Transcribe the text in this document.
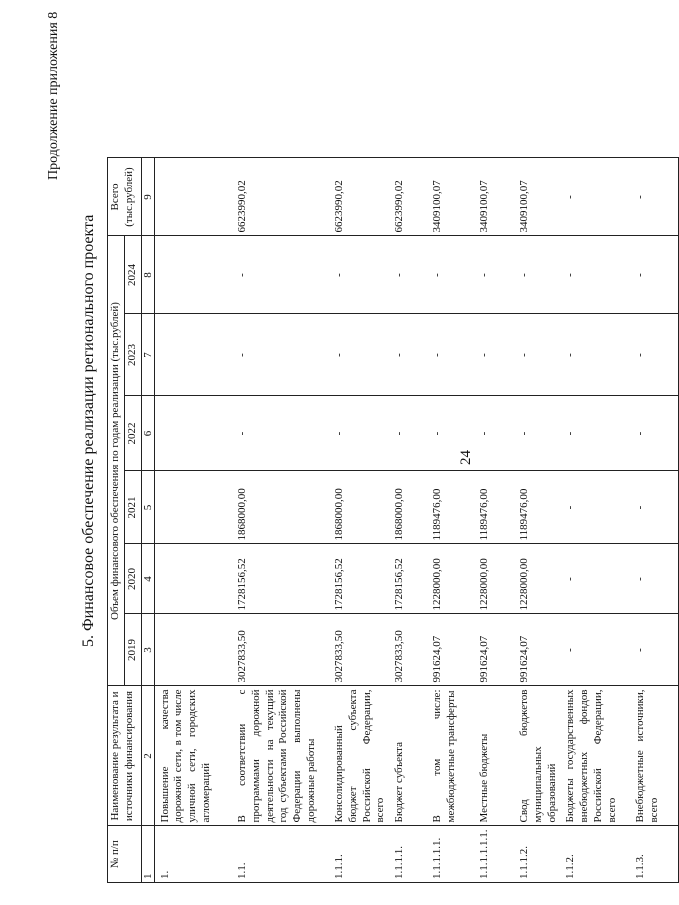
24
Продолжение приложения 8
5. Финансовое обеспечение реализации регионального проекта
№ п/п	Наименование результата и источники финансирования	Объем финансового обеспечения по годам реализации (тыс.рублей)						Всего (тыс.рублей)
		2019	2020	2021	2022	2023	2024	
1	2	3	4	5	6	7	8	9
1.	Повышение качества дорожной сети, в том числе уличной сети, городских агломераций							
1.1.	В соответствии с программами дорожной деятельности на текущий год субъектами Российской Федерации выполнены дорожные работы	3027833,50	1728156,52	1868000,00	-	-	-	6623990,02
1.1.1.	Консолидированный бюджет субъекта Российской Федерации, всего	3027833,50	1728156,52	1868000,00	-	-	-	6623990,02
1.1.1.1.	Бюджет субъекта	3027833,50	1728156,52	1868000,00	-	-	-	6623990,02
1.1.1.1.1.	В том числе: межбюджетные трансферты	991624,07	1228000,00	1189476,00	-	-	-	3409100,07
1.1.1.1.1.1.	Местные бюджеты	991624,07	1228000,00	1189476,00	-	-	-	3409100,07
1.1.1.2.	Свод бюджетов муниципальных образований	991624,07	1228000,00	1189476,00	-	-	-	3409100,07
1.1.2.	Бюджеты государственных внебюджетных фондов Российской Федерации, всего	-	-	-	-	-	-	-
1.1.3.	Внебюджетные источники, всего	-	-	-	-	-	-	-
